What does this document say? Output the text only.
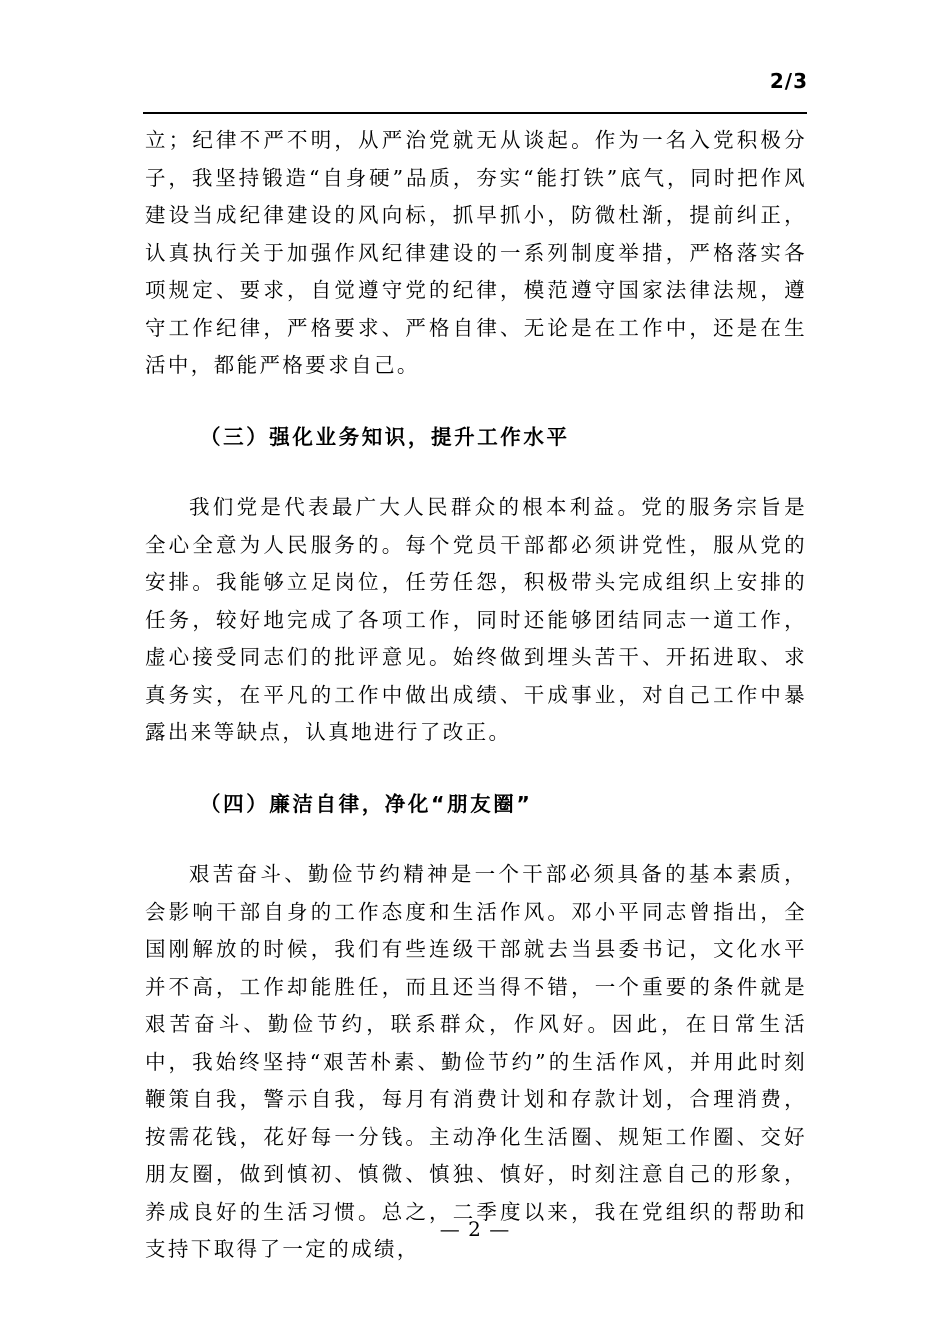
2/3

立；纪律不严不明，从严治党就无从谈起。作为一名入党积极分子，我坚持锻造“自身硬”品质，夯实“能打铁”底气，同时把作风建设当成纪律建设的风向标，抓早抓小，防微杜渐，提前纠正，认真执行关于加强作风纪律建设的一系列制度举措，严格落实各项规定、要求，自觉遵守党的纪律，模范遵守国家法律法规，遵守工作纪律，严格要求、严格自律、无论是在工作中，还是在生活中，都能严格要求自己。

（三）强化业务知识，提升工作水平

我们党是代表最广大人民群众的根本利益。党的服务宗旨是全心全意为人民服务的。每个党员干部都必须讲党性，服从党的安排。我能够立足岗位，任劳任怨，积极带头完成组织上安排的任务，较好地完成了各项工作，同时还能够团结同志一道工作，虚心接受同志们的批评意见。始终做到埋头苦干、开拓进取、求真务实，在平凡的工作中做出成绩、干成事业，对自己工作中暴露出来等缺点，认真地进行了改正。

（四）廉洁自律，净化“朋友圈”

艰苦奋斗、勤俭节约精神是一个干部必须具备的基本素质，会影响干部自身的工作态度和生活作风。邓小平同志曾指出，全国刚解放的时候，我们有些连级干部就去当县委书记，文化水平并不高，工作却能胜任，而且还当得不错，一个重要的条件就是艰苦奋斗、勤俭节约，联系群众，作风好。因此，在日常生活中，我始终坚持“艰苦朴素、勤俭节约”的生活作风，并用此时刻鞭策自我，警示自我，每月有消费计划和存款计划，合理消费，按需花钱，花好每一分钱。主动净化生活圈、规矩工作圈、交好朋友圈，做到慎初、慎微、慎独、慎好，时刻注意自己的形象，养成良好的生活习惯。总之，二季度以来，我在党组织的帮助和支持下取得了一定的成绩，

— 2 —
